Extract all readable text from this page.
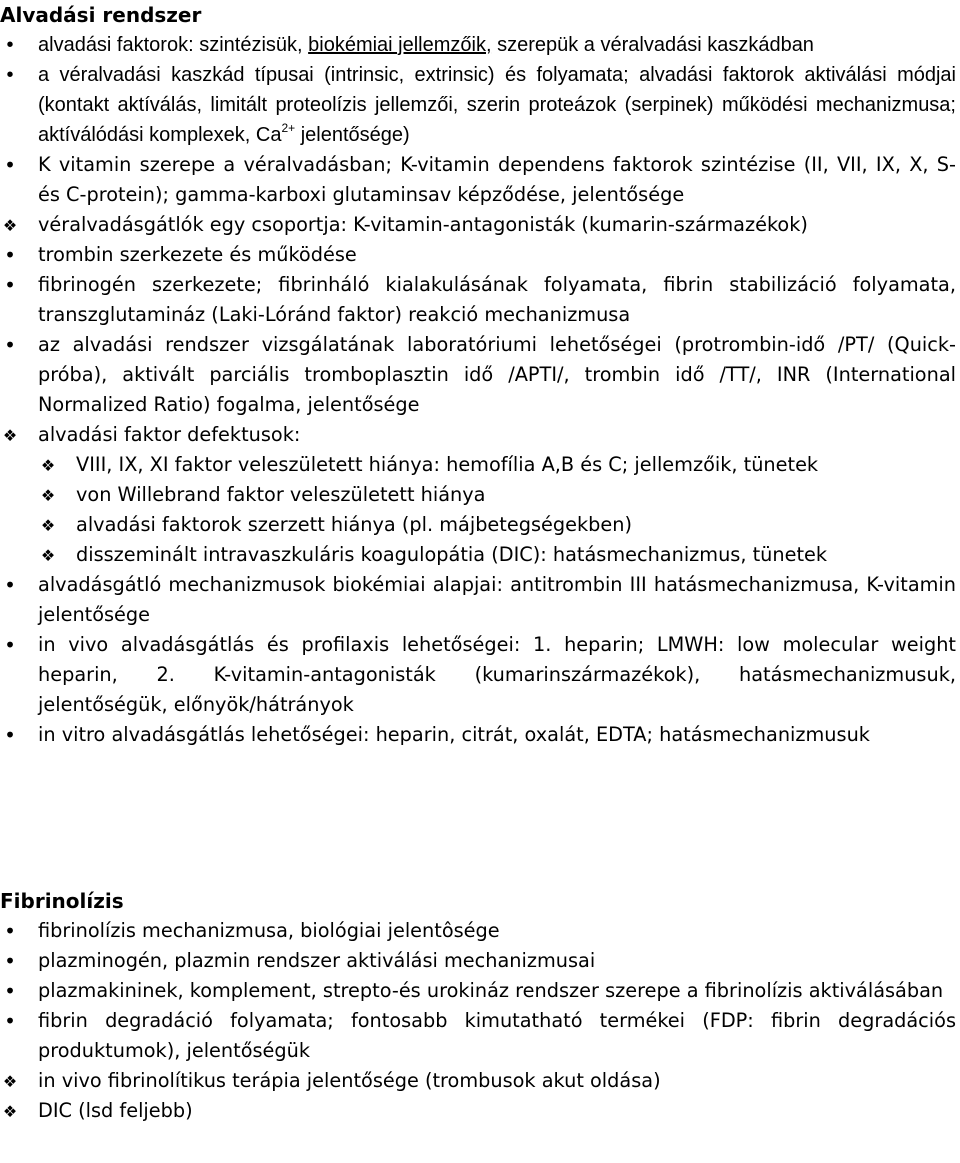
Alvadási rendszer
•
alvadási faktorok: szintézisük, biokémiai jellemzőik, szerepük a véralvadási kaszkádban
•
a véralvadási kaszkád típusai (intrinsic, extrinsic) és folyamata; alvadási faktorok aktiválási módjai (kontakt aktíválás, limitált proteolízis jellemzői, szerin proteázok (serpinek) működési mechanizmusa; aktíválódási komplexek, $Ca^{2+}$ jelentősége)
•
K vitamin szerepe a véralvadásban; K-vitamin dependens faktorok szintézise (II, VII, IX, X, S- és C-protein); gamma-karboxi glutaminsav képződése, jelentősége
❖
véralvadásgátlók egy csoportja: K-vitamin-antagonisták (kumarin-származékok)
•
trombin szerkezete és működése
•
fibrinogén szerkezete; fibrinháló kialakulásának folyamata, fibrin stabilizáció folyamata, transzglutamináz (Laki-Lóránd faktor) reakció mechanizmusa
•
az alvadási rendszer vizsgálatának laboratóriumi lehetőségei (protrombin-idő /PT/ (Quick-próba), aktivált parciális tromboplasztin idő /APTI/, trombin idő /TT/, INR (International Normalized Ratio) fogalma, jelentősége
❖
alvadási faktor defektusok:
❖
VIII, IX, XI faktor veleszületett hiánya: hemofília A,B és C; jellemzőik, tünetek
❖
von Willebrand faktor veleszületett hiánya
❖
alvadási faktorok szerzett hiánya (pl. májbetegségekben)
❖
disszeminált intravaszkuláris koagulopátia (DIC): hatásmechanizmus, tünetek
•
alvadásgátló mechanizmusok biokémiai alapjai: antitrombin III hatásmechanizmusa, K-vitamin jelentősége
•
in vivo alvadásgátlás és profilaxis lehetőségei: 1. heparin; LMWH: low molecular weight heparin, 2. K-vitamin-antagonisták (kumarinszármazékok), hatásmechanizmusuk, jelentőségük, előnyök/hátrányok
•
in vitro alvadásgátlás lehetőségei: heparin, citrát, oxalát, EDTA; hatásmechanizmusuk
Fibrinolízis
•
fibrinolízis mechanizmusa, biológiai jelentôsége
•
plazminogén, plazmin rendszer aktiválási mechanizmusai
•
plazmakininek, komplement, strepto-és urokináz rendszer szerepe a fibrinolízis aktiválásában
•
fibrin degradáció folyamata; fontosabb kimutatható termékei (FDP: fibrin degradációs produktumok), jelentőségük
❖
in vivo fibrinolítikus terápia jelentősége (trombusok akut oldása)
❖
DIC (lsd feljebb)
